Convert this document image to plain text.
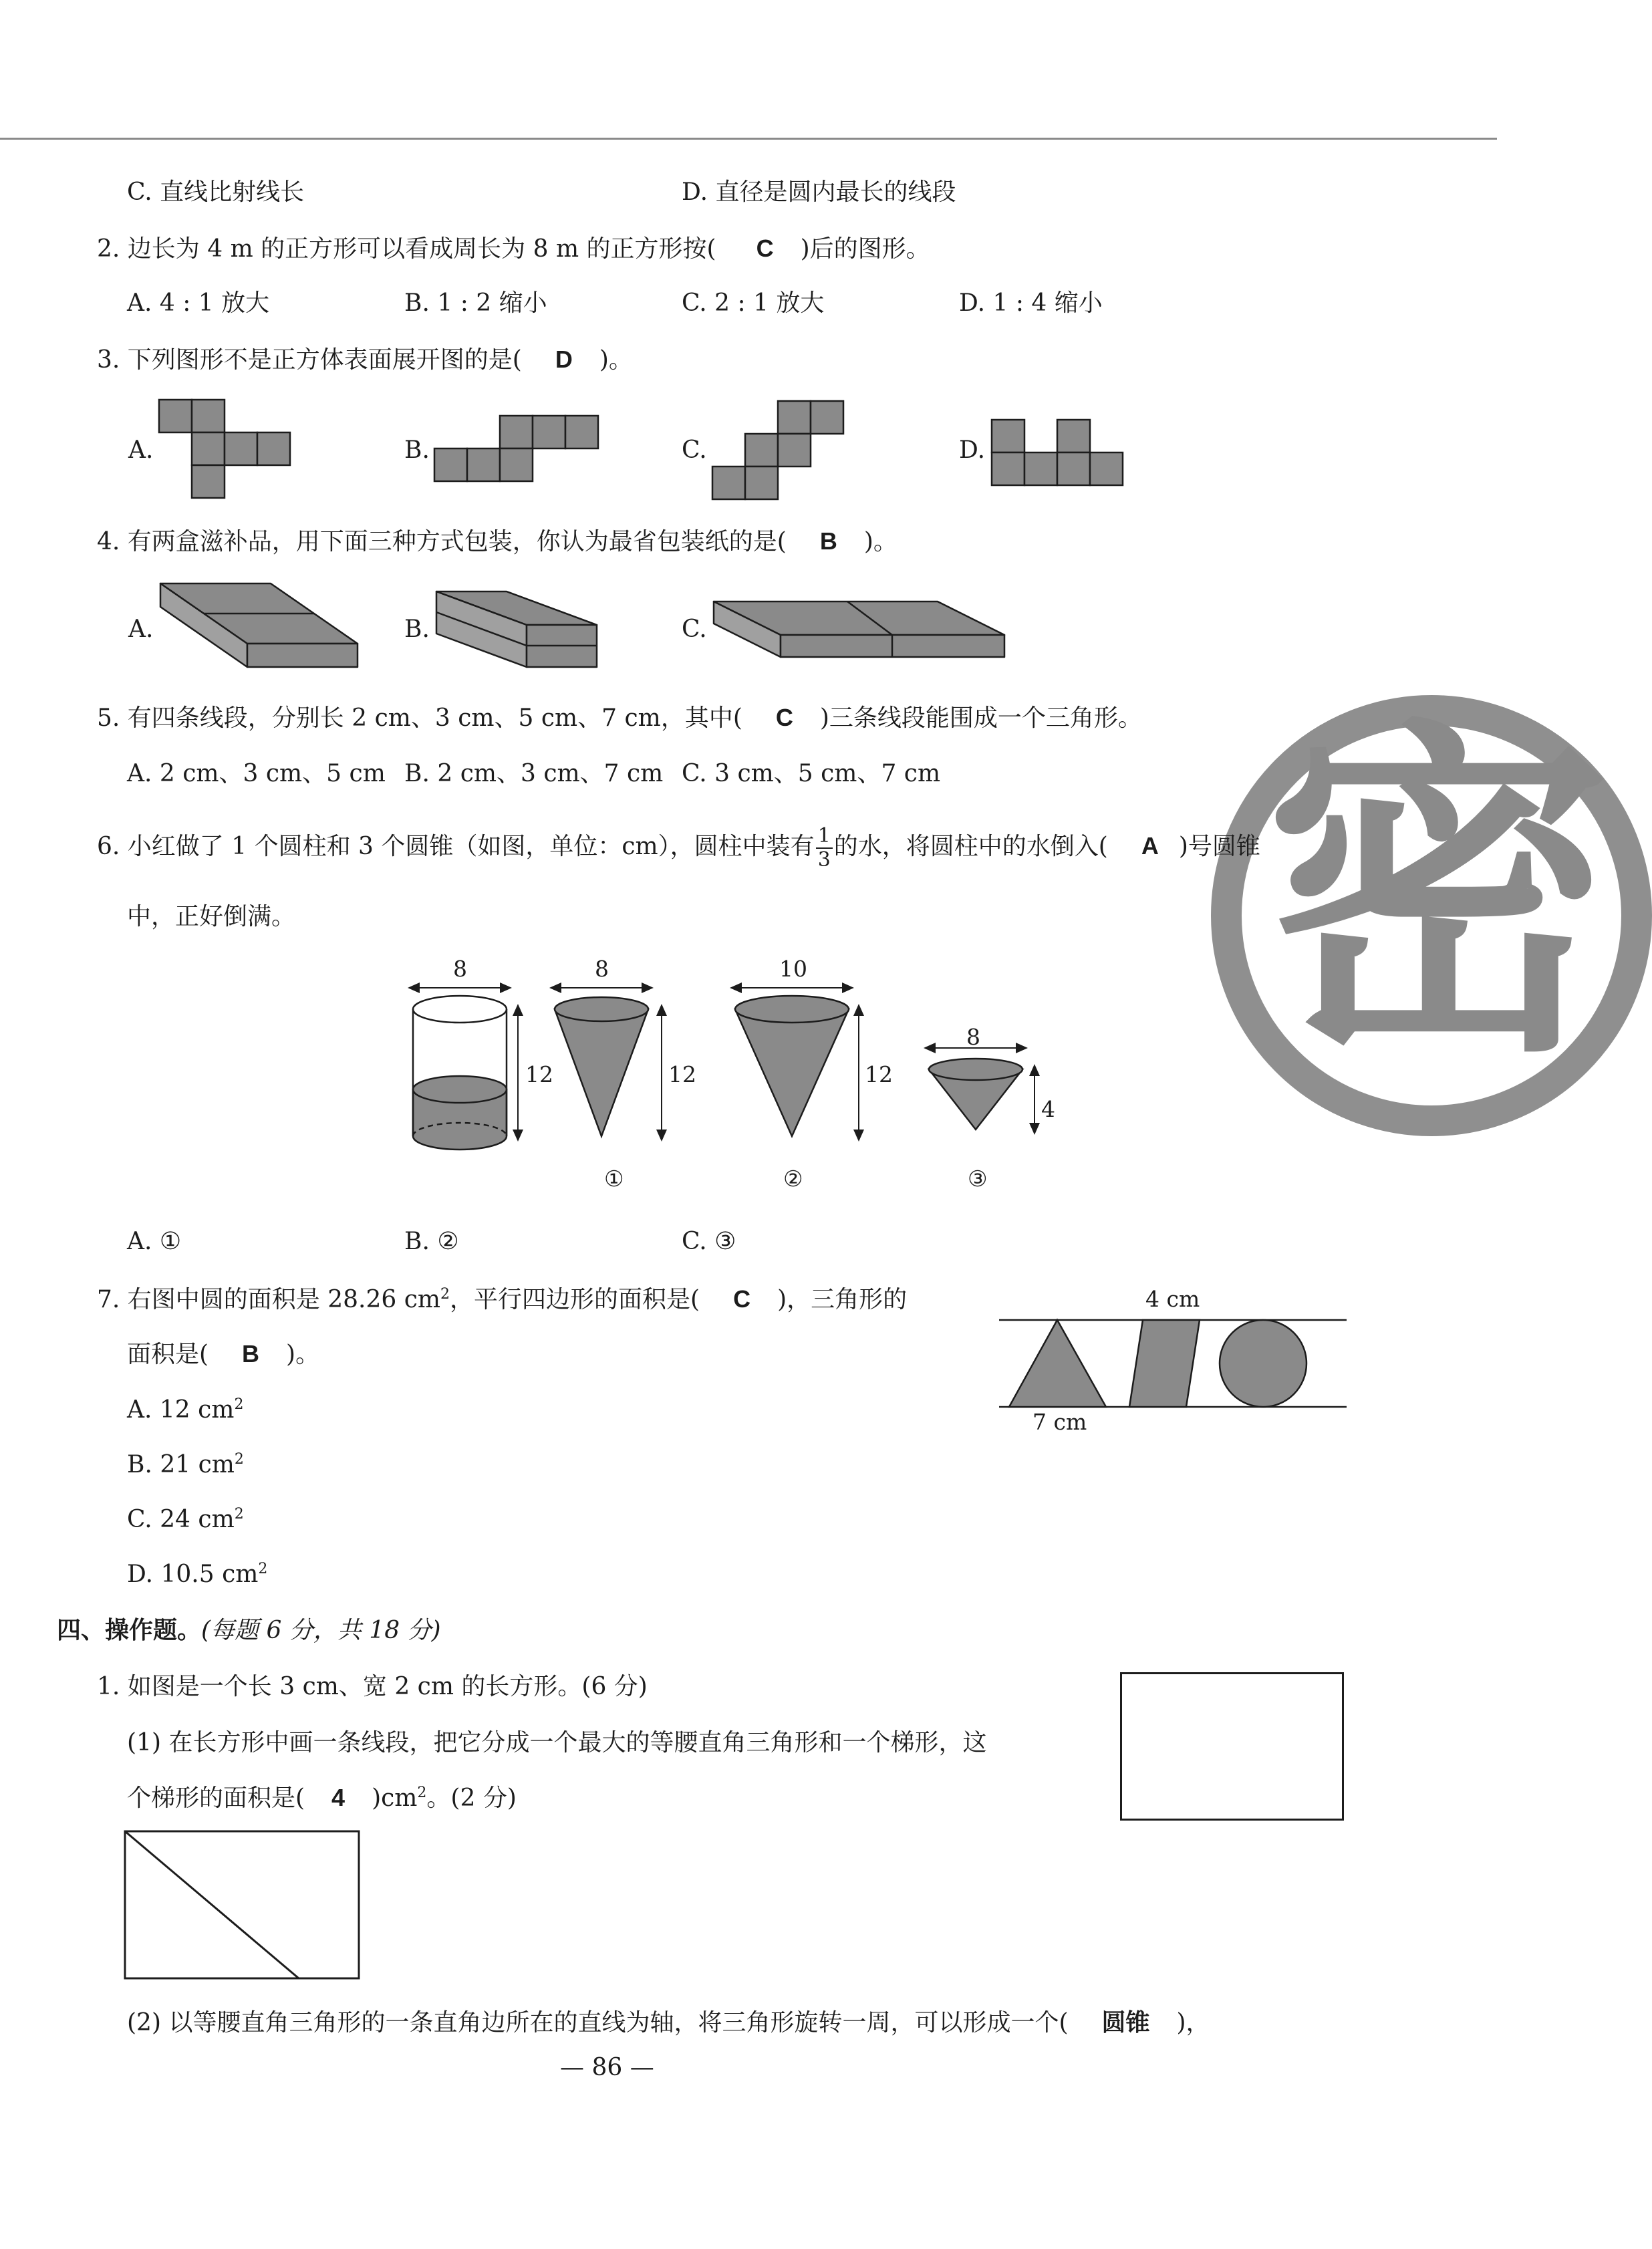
密
C. 直线比射线长	D. 直径是圆内最长的线段
2. 边长为 4 m 的正方形可以看成周长为 8 m 的正方形按( C )后的图形。
A. 4 : 1 放大	B. 1 : 2 缩小	C. 2 : 1 放大	D. 1 : 4 缩小
3. 下列图形不是正方体表面展开图的是( D )。
A.	B.	C.	D.
4. 有两盒滋补品，用下面三种方式包装，你认为最省包装纸的是( B )。
A.	B.	C.
5. 有四条线段，分别长 2 cm、3 cm、5 cm、7 cm，其中( C )三条线段能围成一个三角形。
A. 2 cm、3 cm、5 cm B. 2 cm、3 cm、7 cm C. 3 cm、5 cm、7 cm
6. 小红做了 1 个圆柱和 3 个圆锥（如图，单位：cm），圆柱中装有 $\frac{1}{3}$ 的水，将圆柱中的水倒入( A )号圆锥
中，正好倒满。
8
12
8
12
10
12
8
4
①	②	③
A. ①	B. ②	C. ③
7. 右图中圆的面积是 28.26 $cm^2$，平行四边形的面积是( C )，三角形的
面积是( B )。
A. 12 $cm^2$
B. 21 $cm^2$
C. 24 $cm^2$
D. 10.5 $cm^2$
4 cm
7 cm
四、操作题。(每题 6 分，共 18 分)
1. 如图是一个长 3 cm、宽 2 cm 的长方形。(6 分)
(1) 在长方形中画一条线段，把它分成一个最大的等腰直角三角形和一个梯形，这
个梯形的面积是( 4 )$cm^2$。(2 分)
(2) 以等腰直角三角形的一条直角边所在的直线为轴，将三角形旋转一周，可以形成一个( 圆锥 )，
— 86 —
